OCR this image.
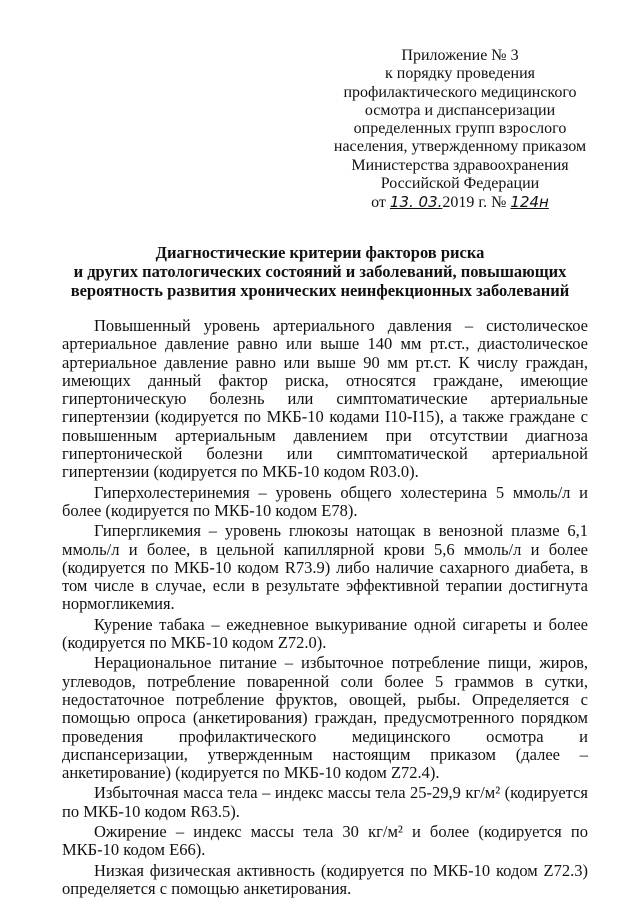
Приложение № 3
к порядку проведения
профилактического медицинского
осмотра и диспансеризации
определенных групп взрослого
населения, утвержденному приказом
Министерства здравоохранения
Российской Федерации
от 13. 03.2019 г. № 124н
Диагностические критерии факторов риска
и других патологических состояний и заболеваний, повышающих
вероятность развития хронических неинфекционных заболеваний

Повышенный уровень артериального давления – систолическое артериальное давление равно или выше 140 мм рт.ст., диастолическое артериальное давление равно или выше 90 мм рт.ст. К числу граждан, имеющих данный фактор риска, относятся граждане, имеющие гипертоническую болезнь или симптоматические артериальные гипертензии (кодируется по МКБ-10 кодами I10-I15), а также граждане с повышенным артериальным давлением при отсутствии диагноза гипертонической болезни или симптоматической артериальной гипертензии (кодируется по МКБ-10 кодом R03.0).

Гиперхолестеринемия – уровень общего холестерина 5 ммоль/л и более (кодируется по МКБ-10 кодом E78).

Гипергликемия – уровень глюкозы натощак в венозной плазме 6,1 ммоль/л и более, в цельной капиллярной крови 5,6 ммоль/л и более (кодируется по МКБ-10 кодом R73.9) либо наличие сахарного диабета, в том числе в случае, если в результате эффективной терапии достигнута нормогликемия.

Курение табака – ежедневное выкуривание одной сигареты и более (кодируется по МКБ-10 кодом Z72.0).

Нерациональное питание – избыточное потребление пищи, жиров, углеводов, потребление поваренной соли более 5 граммов в сутки, недостаточное потребление фруктов, овощей, рыбы. Определяется с помощью опроса (анкетирования) граждан, предусмотренного порядком проведения профилактического медицинского осмотра и диспансеризации, утвержденным настоящим приказом (далее – анкетирование) (кодируется по МКБ-10 кодом Z72.4).

Избыточная масса тела – индекс массы тела 25-29,9 кг/м² (кодируется по МКБ-10 кодом R63.5).

Ожирение – индекс массы тела 30 кг/м² и более (кодируется по МКБ-10 кодом E66).

Низкая физическая активность (кодируется по МКБ-10 кодом Z72.3) определяется с помощью анкетирования.
